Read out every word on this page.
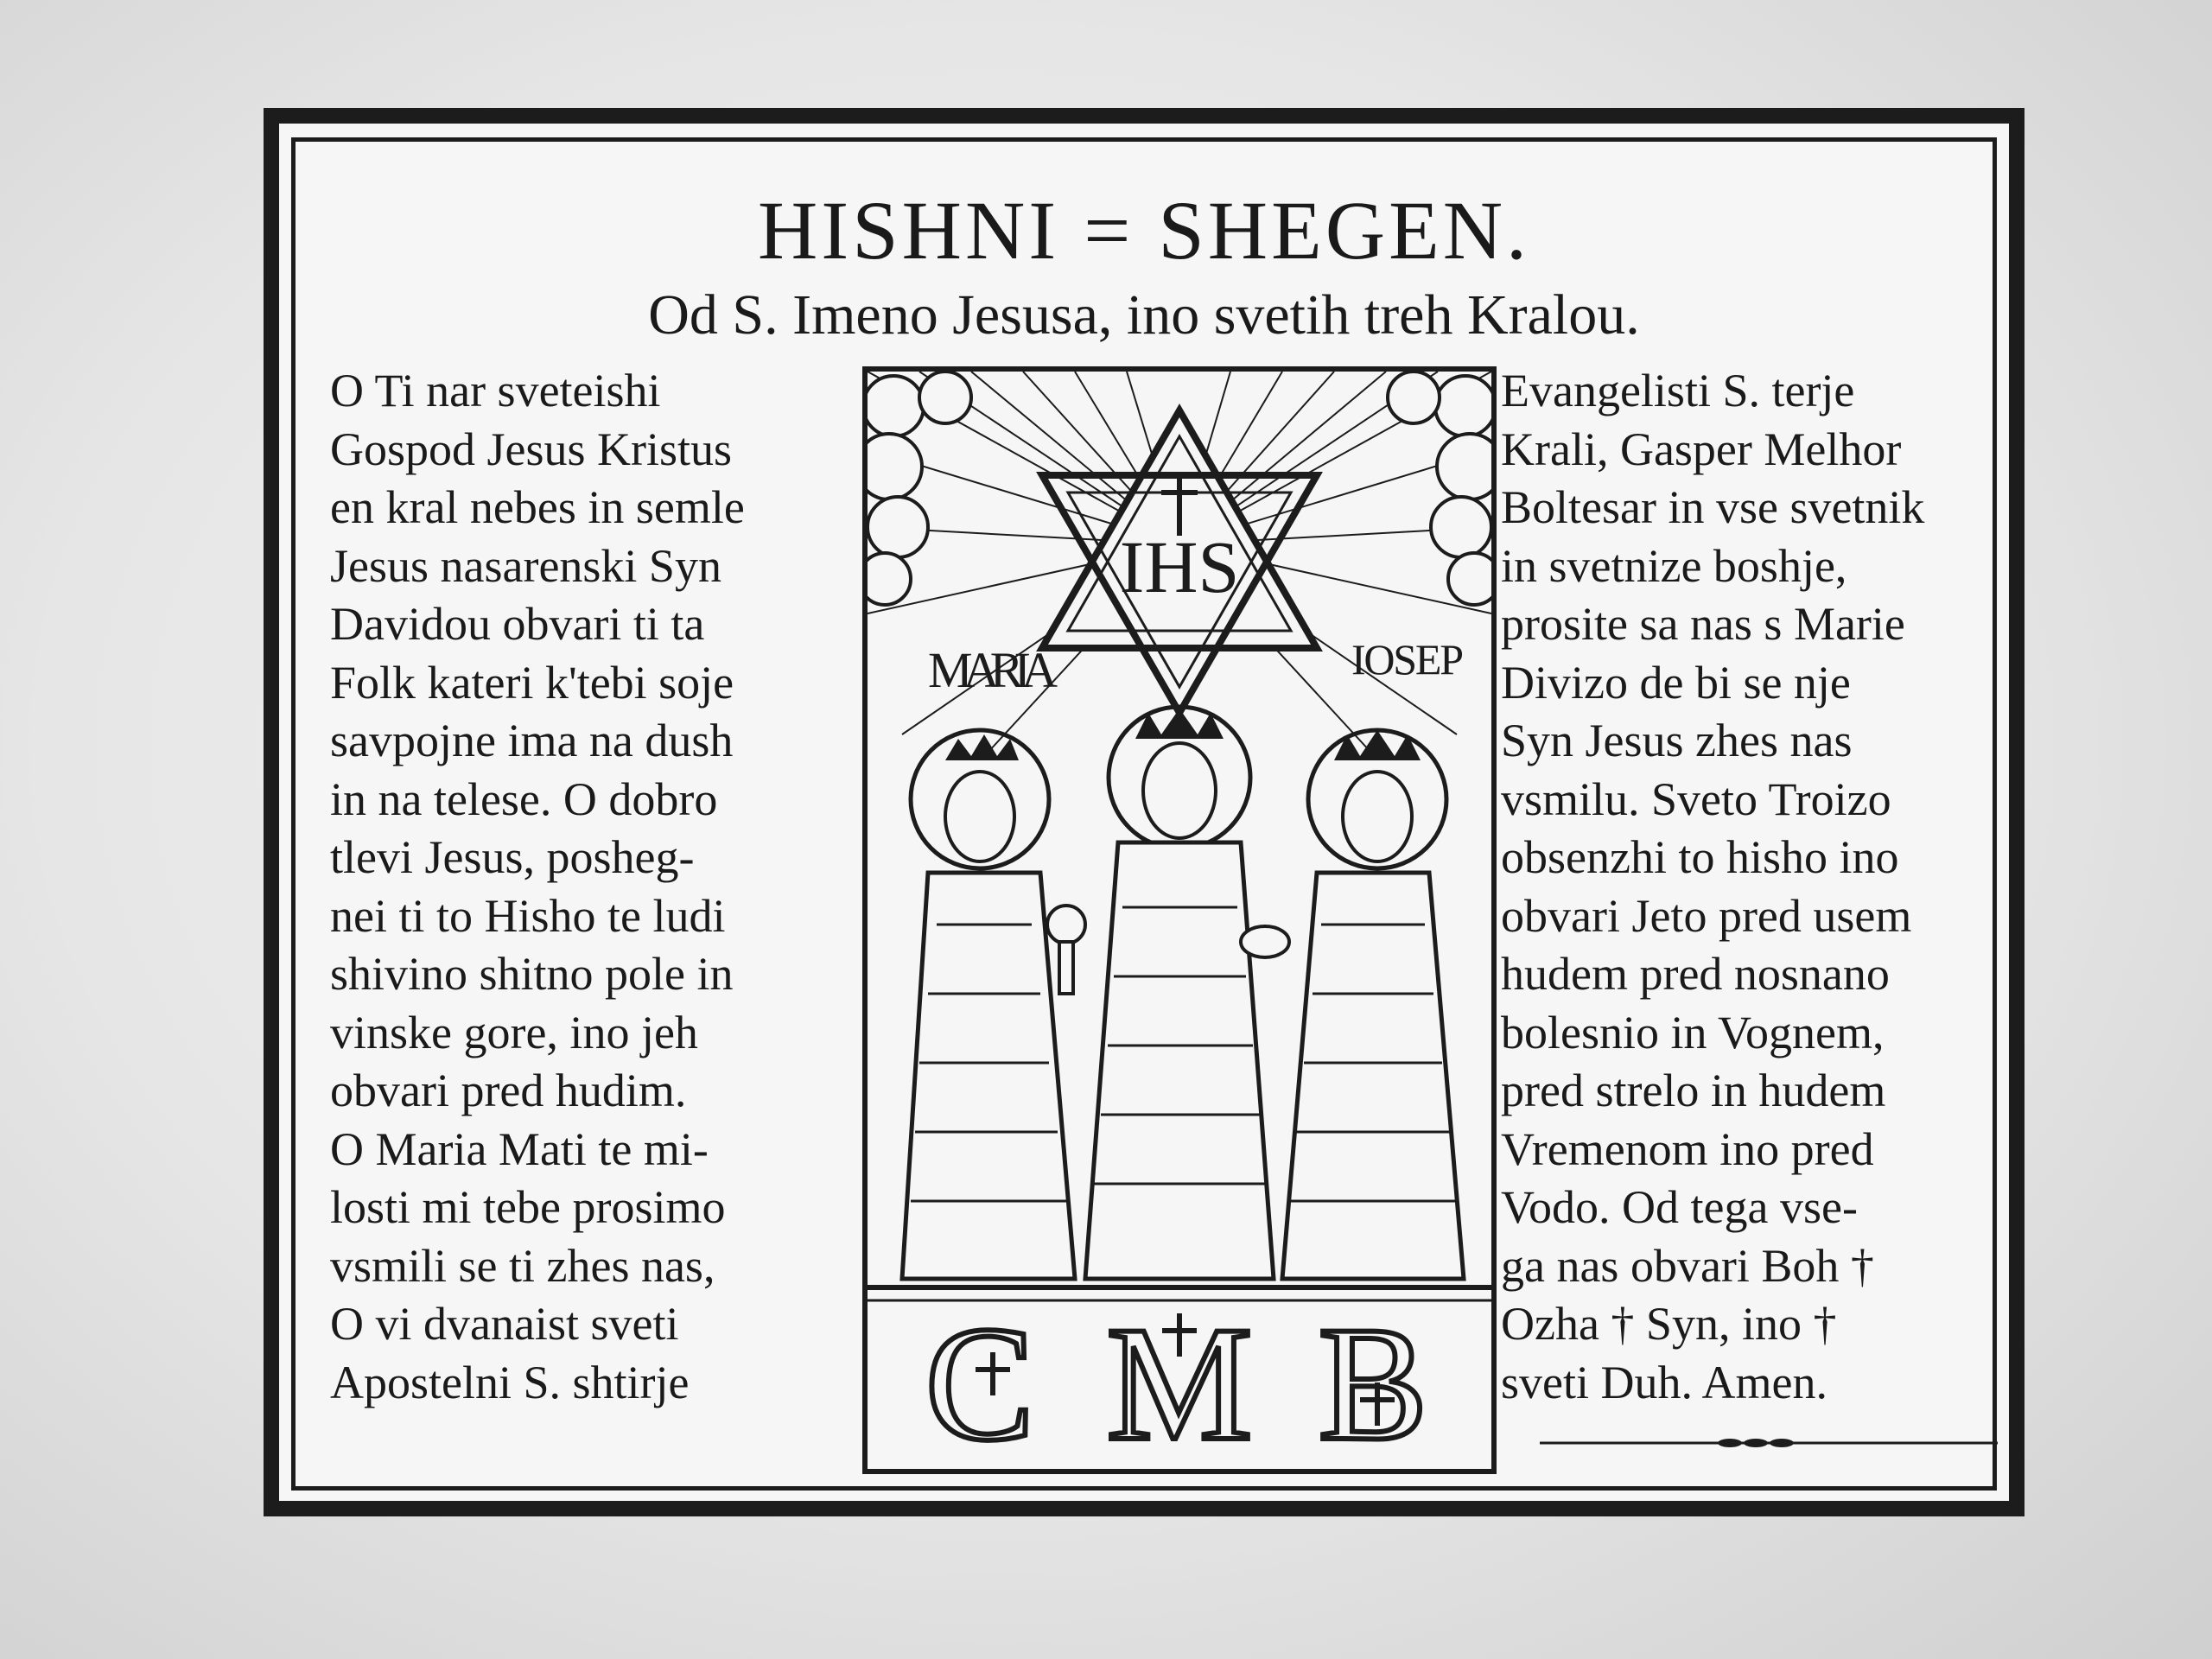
HISHNI = SHEGEN.
Od S. Imeno Jesusa, ino svetih treh Kralou.
O Ti nar sveteishi
Gospod Jesus Kristus
en kral nebes in semle
Jesus nasarenski Syn
Davidou obvari ti ta
Folk kateri k'tebi soje
savpojne ima na dush
in na telese. O dobro
tlevi Jesus, posheg-
nei ti to Hisho te ludi
shivino shitno pole in
vinske gore, ino jeh
obvari pred hudim.
O Maria Mati te mi-
losti mi tebe prosimo
vsmili se ti zhes nas,
O vi dvanaist sveti
Apostelni S. shtirje
IHS
MARIA	IOSEP
C M B
Evangelisti S. terje
Krali, Gasper Melhor
Boltesar in vse svetnik
in svetnize boshje,
prosite sa nas s Marie
Divizo de bi se nje
Syn Jesus zhes nas
vsmilu. Sveto Troizo
obsenzhi to hisho ino
obvari Jeto pred usem
hudem pred nosnano
bolesnio in Vognem,
pred strelo in hudem
Vremenom ino pred
Vodo. Od tega vse-
ga nas obvari Boh †
Ozha † Syn, ino †
sveti Duh. Amen.
